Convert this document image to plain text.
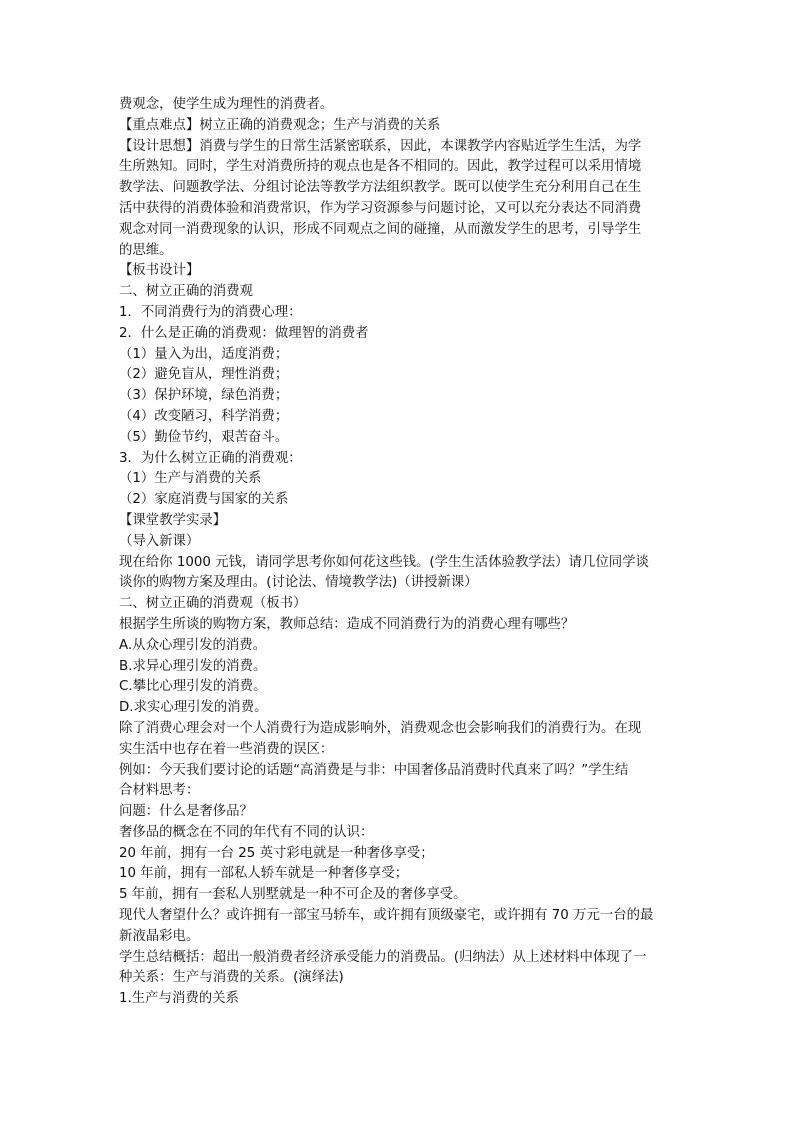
费观念，使学生成为理性的消费者。
【重点难点】树立正确的消费观念；生产与消费的关系
【设计思想】消费与学生的日常生活紧密联系，因此，本课教学内容贴近学生生活，为学
生所熟知。同时，学生对消费所持的观点也是各不相同的。因此，教学过程可以采用情境
教学法、问题教学法、分组讨论法等教学方法组织教学。既可以使学生充分利用自己在生
活中获得的消费体验和消费常识，作为学习资源参与问题讨论，又可以充分表达不同消费
观念对同一消费现象的认识，形成不同观点之间的碰撞，从而激发学生的思考，引导学生
的思维。
【板书设计】
二、树立正确的消费观
1．不同消费行为的消费心理：
2．什么是正确的消费观：做理智的消费者
（1）量入为出，适度消费；
（2）避免盲从，理性消费；
（3）保护环境，绿色消费；
（4）改变陋习，科学消费；
（5）勤俭节约，艰苦奋斗。
3．为什么树立正确的消费观：
（1）生产与消费的关系
（2）家庭消费与国家的关系
【课堂教学实录】
（导入新课）
现在给你 1000 元钱，请同学思考你如何花这些钱。(学生生活体验教学法）请几位同学谈
谈你的购物方案及理由。(讨论法、情境教学法)（讲授新课）
二、树立正确的消费观（板书）
根据学生所谈的购物方案，教师总结：造成不同消费行为的消费心理有哪些？
A.从众心理引发的消费。
B.求异心理引发的消费。
C.攀比心理引发的消费。
D.求实心理引发的消费。
除了消费心理会对一个人消费行为造成影响外，消费观念也会影响我们的消费行为。在现
实生活中也存在着一些消费的误区：
例如：今天我们要讨论的话题“高消费是与非：中国奢侈品消费时代真来了吗？”学生结
合材料思考：
问题：什么是奢侈品？
奢侈品的概念在不同的年代有不同的认识：
20 年前，拥有一台 25 英寸彩电就是一种奢侈享受；
10 年前，拥有一部私人轿车就是一种奢侈享受；
5 年前，拥有一套私人别墅就是一种不可企及的奢侈享受。
现代人奢望什么？或许拥有一部宝马轿车，或许拥有顶级豪宅，或许拥有 70 万元一台的最
新液晶彩电。
学生总结概括：超出一般消费者经济承受能力的消费品。(归纳法）从上述材料中体现了一
种关系：生产与消费的关系。(演绎法)
1.生产与消费的关系
